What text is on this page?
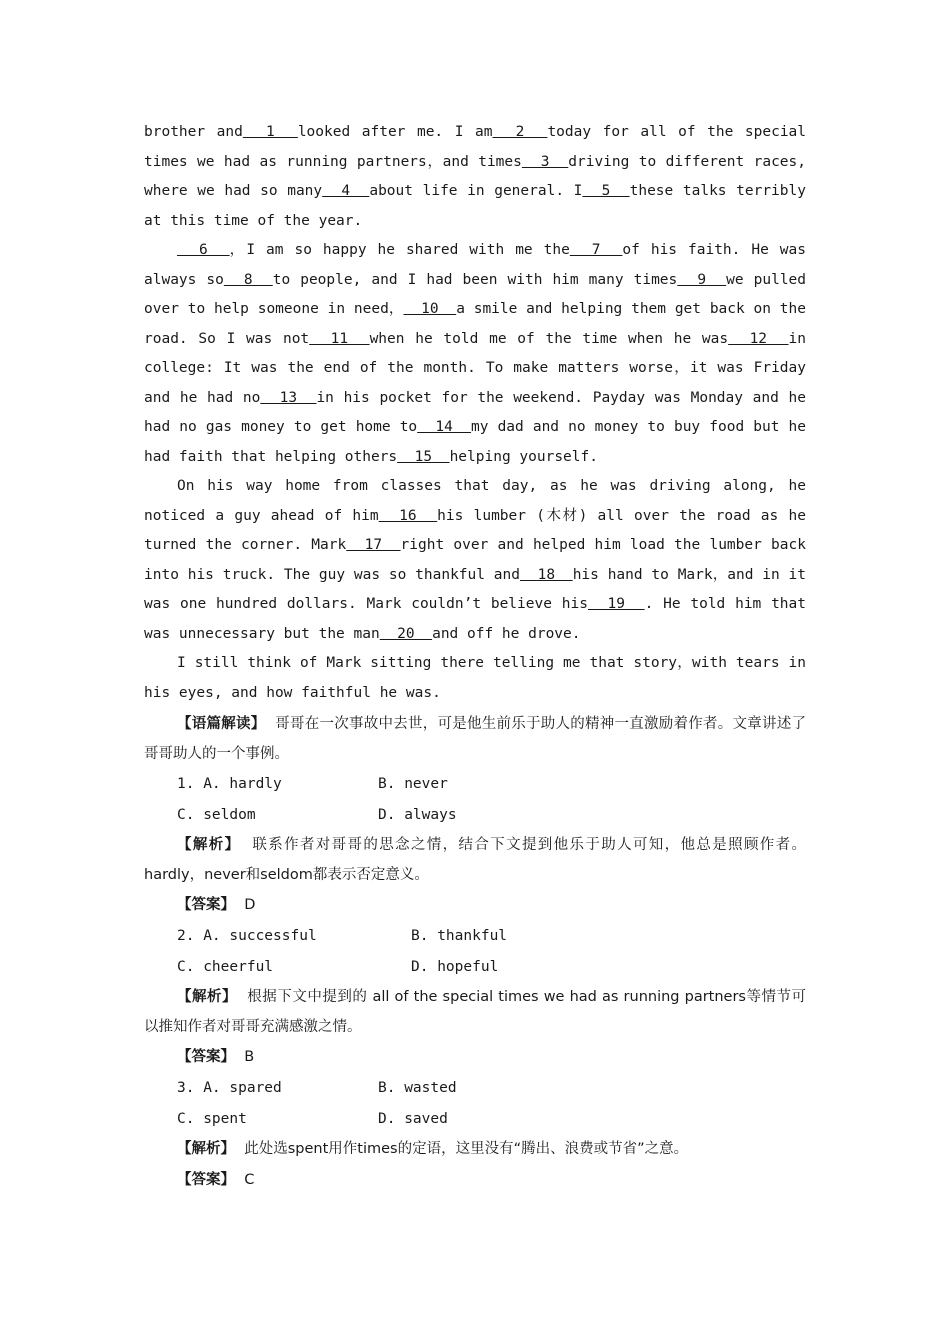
brother and  1  looked after me. I am  2  today for all of the special times we had as running partners，and times  3  driving to different races, where we had so many  4  about life in general. I  5  these talks terribly at this time of the year.

6  ，I am so happy he shared with me the  7  of his faith. He was always so  8  to people, and I had been with him many times  9  we pulled over to help someone in need，  10  a smile and helping them get back on the road. So I was not  11  when he told me of the time when he was  12  in college: It was the end of the month. To make matters worse，it was Friday and he had no  13  in his pocket for the weekend. Payday was Monday and he had no gas money to get home to  14  my dad and no money to buy food but he had faith that helping others  15  helping yourself.

On his way home from classes that day, as he was driving along, he noticed a guy ahead of him  16  his lumber (木材) all over the road as he turned the corner. Mark  17  right over and helped him load the lumber back into his truck. The guy was so thankful and  18  his hand to Mark，and in it was one hundred dollars. Mark couldn’t believe his  19  . He told him that was unnecessary but the man  20  and off he drove.

I still think of Mark sitting there telling me that story，with tears in his eyes, and how faithful he was.

【语篇解读】 哥哥在一次事故中去世，可是他生前乐于助人的精神一直激励着作者。文章讲述了哥哥助人的一个事例。

1. A. hardly	B. never

C. seldom	D. always

【解析】 联系作者对哥哥的思念之情，结合下文提到他乐于助人可知，他总是照顾作者。hardly，never和seldom都表示否定意义。

【答案】 D

2. A. successful	B. thankful

C. cheerful	D. hopeful

【解析】 根据下文中提到的 all of the special times we had as running partners等情节可以推知作者对哥哥充满感激之情。

【答案】 B

3. A. spared	B. wasted

C. spent	D. saved

【解析】 此处选spent用作times的定语，这里没有“腾出、浪费或节省”之意。

【答案】 C
